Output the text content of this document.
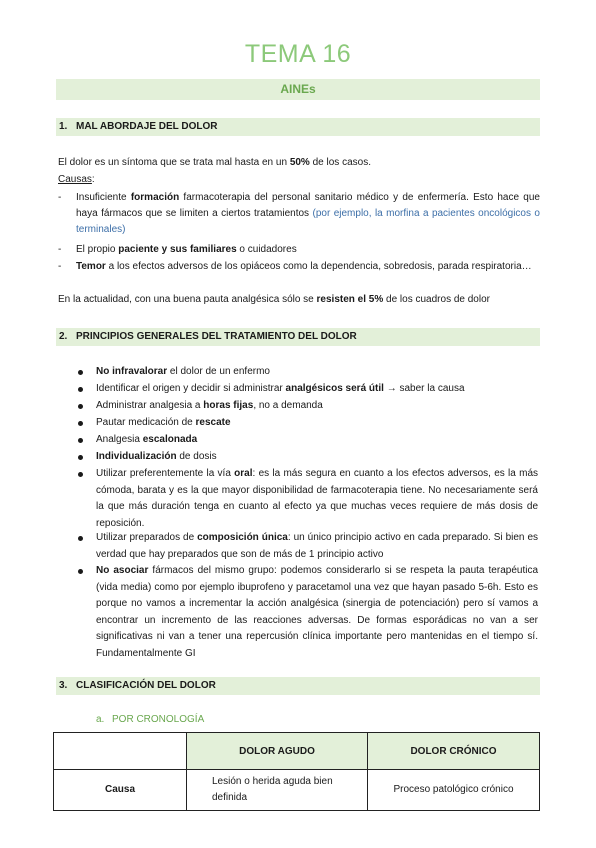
TEMA 16
AINEs
1. MAL ABORDAJE DEL DOLOR
El dolor es un síntoma que se trata mal hasta en un 50% de los casos.
Causas:
- Insuficiente formación farmacoterapia del personal sanitario médico y de enfermería. Esto hace que haya fármacos que se limiten a ciertos tratamientos (por ejemplo, la morfina a pacientes oncológicos o terminales)
- El propio paciente y sus familiares o cuidadores
- Temor a los efectos adversos de los opiáceos como la dependencia, sobredosis, parada respiratoria…
En la actualidad, con una buena pauta analgésica sólo se resisten el 5% de los cuadros de dolor
2. PRINCIPIOS GENERALES DEL TRATAMIENTO DEL DOLOR
No infravalorar el dolor de un enfermo
Identificar el origen y decidir si administrar analgésicos será útil → saber la causa
Administrar analgesia a horas fijas, no a demanda
Pautar medicación de rescate
Analgesia escalonada
Individualización de dosis
Utilizar preferentemente la vía oral: es la más segura en cuanto a los efectos adversos, es la más cómoda, barata y es la que mayor disponibilidad de farmacoterapia tiene. No necesariamente será la que más duración tenga en cuanto al efecto ya que muchas veces requiere de más dosis de reposición.
Utilizar preparados de composición única: un único principio activo en cada preparado. Si bien es verdad que hay preparados que son de más de 1 principio activo
No asociar fármacos del mismo grupo: podemos considerarlo si se respeta la pauta terapéutica (vida media) como por ejemplo ibuprofeno y paracetamol una vez que hayan pasado 5-6h. Esto es porque no vamos a incrementar la acción analgésica (sinergia de potenciación) pero sí vamos a encontrar un incremento de las reacciones adversas. De formas esporádicas no van a ser significativas ni van a tener una repercusión clínica importante pero mantenidas en el tiempo sí. Fundamentalmente GI
3. CLASIFICACIÓN DEL DOLOR
a. POR CRONOLOGÍA
	DOLOR AGUDO	DOLOR CRÓNICO
Causa	Lesión o herida aguda bien definida	Proceso patológico crónico
